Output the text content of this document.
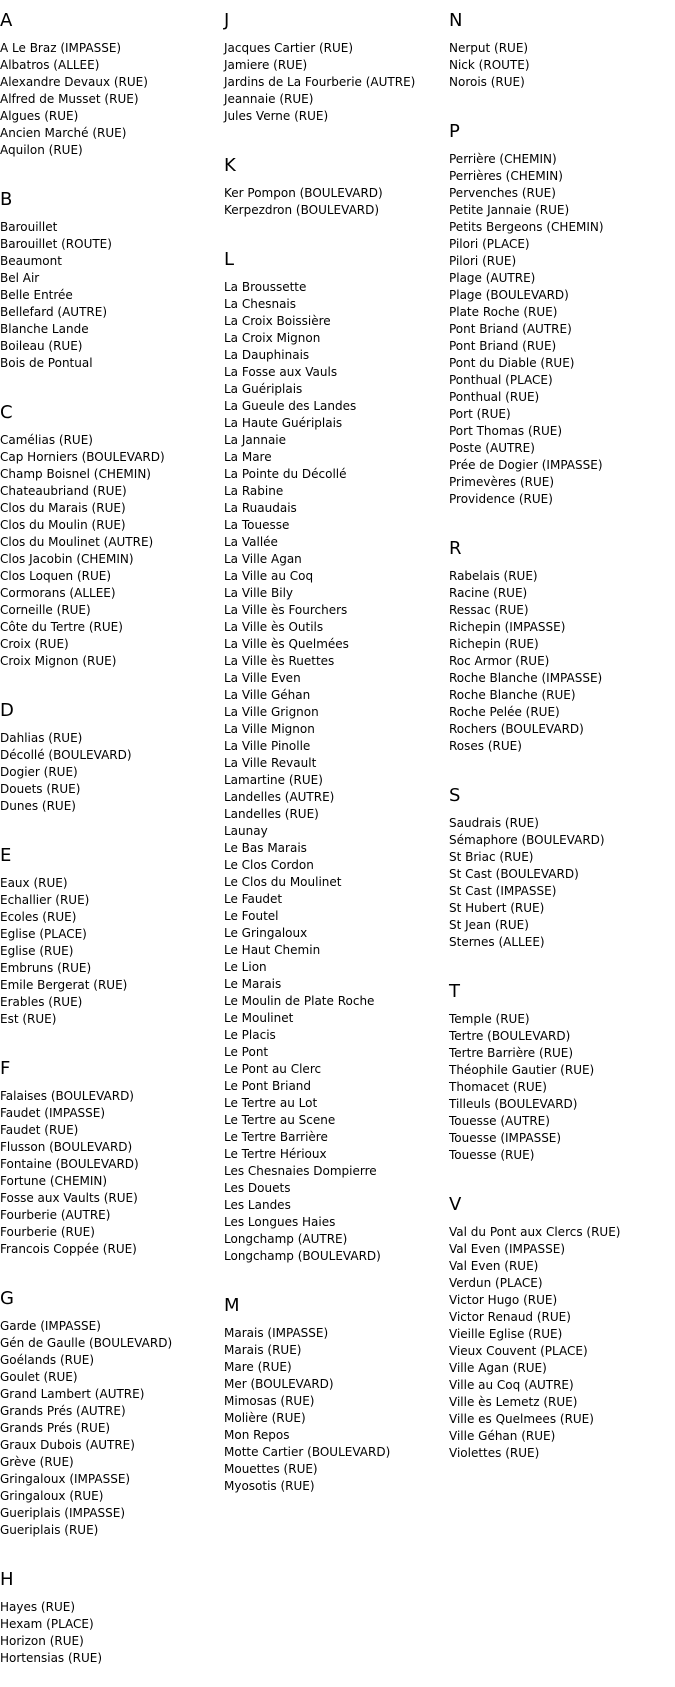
A
A Le Braz (IMPASSE)
Albatros (ALLEE)
Alexandre Devaux (RUE)
Alfred de Musset (RUE)
Algues (RUE)
Ancien Marché (RUE)
Aquilon (RUE)
B
Barouillet
Barouillet (ROUTE)
Beaumont
Bel Air
Belle Entrée
Bellefard (AUTRE)
Blanche Lande
Boileau (RUE)
Bois de Pontual
C
Camélias (RUE)
Cap Horniers (BOULEVARD)
Champ Boisnel (CHEMIN)
Chateaubriand (RUE)
Clos du Marais (RUE)
Clos du Moulin (RUE)
Clos du Moulinet (AUTRE)
Clos Jacobin (CHEMIN)
Clos Loquen (RUE)
Cormorans (ALLEE)
Corneille (RUE)
Côte du Tertre (RUE)
Croix (RUE)
Croix Mignon (RUE)
D
Dahlias (RUE)
Décollé (BOULEVARD)
Dogier (RUE)
Douets (RUE)
Dunes (RUE)
E
Eaux (RUE)
Echallier (RUE)
Ecoles (RUE)
Eglise (PLACE)
Eglise (RUE)
Embruns (RUE)
Emile Bergerat (RUE)
Erables (RUE)
Est (RUE)
F
Falaises (BOULEVARD)
Faudet (IMPASSE)
Faudet (RUE)
Flusson (BOULEVARD)
Fontaine (BOULEVARD)
Fortune (CHEMIN)
Fosse aux Vaults (RUE)
Fourberie (AUTRE)
Fourberie (RUE)
Francois Coppée (RUE)
G
Garde (IMPASSE)
Gén de Gaulle (BOULEVARD)
Goélands (RUE)
Goulet (RUE)
Grand Lambert (AUTRE)
Grands Prés (AUTRE)
Grands Prés (RUE)
Graux Dubois (AUTRE)
Grève (RUE)
Gringaloux (IMPASSE)
Gringaloux (RUE)
Gueriplais (IMPASSE)
Gueriplais (RUE)
H
Hayes (RUE)
Hexam (PLACE)
Horizon (RUE)
Hortensias (RUE)
J
Jacques Cartier (RUE)
Jamiere (RUE)
Jardins de La Fourberie (AUTRE)
Jeannaie (RUE)
Jules Verne (RUE)
K
Ker Pompon (BOULEVARD)
Kerpezdron (BOULEVARD)
L
La Broussette
La Chesnais
La Croix Boissière
La Croix Mignon
La Dauphinais
La Fosse aux Vauls
La Guériplais
La Gueule des Landes
La Haute Guériplais
La Jannaie
La Mare
La Pointe du Décollé
La Rabine
La Ruaudais
La Touesse
La Vallée
La Ville Agan
La Ville au Coq
La Ville Bily
La Ville ès Fourchers
La Ville ès Outils
La Ville ès Quelmées
La Ville ès Ruettes
La Ville Even
La Ville Géhan
La Ville Grignon
La Ville Mignon
La Ville Pinolle
La Ville Revault
Lamartine (RUE)
Landelles (AUTRE)
Landelles (RUE)
Launay
Le Bas Marais
Le Clos Cordon
Le Clos du Moulinet
Le Faudet
Le Foutel
Le Gringaloux
Le Haut Chemin
Le Lion
Le Marais
Le Moulin de Plate Roche
Le Moulinet
Le Placis
Le Pont
Le Pont au Clerc
Le Pont Briand
Le Tertre au Lot
Le Tertre au Scene
Le Tertre Barrière
Le Tertre Hérioux
Les Chesnaies Dompierre
Les Douets
Les Landes
Les Longues Haies
Longchamp (AUTRE)
Longchamp (BOULEVARD)
M
Marais (IMPASSE)
Marais (RUE)
Mare (RUE)
Mer (BOULEVARD)
Mimosas (RUE)
Molière (RUE)
Mon Repos
Motte Cartier (BOULEVARD)
Mouettes (RUE)
Myosotis (RUE)
N
Nerput (RUE)
Nick (ROUTE)
Norois (RUE)
P
Perrière (CHEMIN)
Perrières (CHEMIN)
Pervenches (RUE)
Petite Jannaie (RUE)
Petits Bergeons (CHEMIN)
Pilori (PLACE)
Pilori (RUE)
Plage (AUTRE)
Plage (BOULEVARD)
Plate Roche (RUE)
Pont Briand (AUTRE)
Pont Briand (RUE)
Pont du Diable (RUE)
Ponthual (PLACE)
Ponthual (RUE)
Port (RUE)
Port Thomas (RUE)
Poste (AUTRE)
Prée de Dogier (IMPASSE)
Primevères (RUE)
Providence (RUE)
R
Rabelais (RUE)
Racine (RUE)
Ressac (RUE)
Richepin (IMPASSE)
Richepin (RUE)
Roc Armor (RUE)
Roche Blanche (IMPASSE)
Roche Blanche (RUE)
Roche Pelée (RUE)
Rochers (BOULEVARD)
Roses (RUE)
S
Saudrais (RUE)
Sémaphore (BOULEVARD)
St Briac (RUE)
St Cast (BOULEVARD)
St Cast (IMPASSE)
St Hubert (RUE)
St Jean (RUE)
Sternes (ALLEE)
T
Temple (RUE)
Tertre (BOULEVARD)
Tertre Barrière (RUE)
Théophile Gautier (RUE)
Thomacet (RUE)
Tilleuls (BOULEVARD)
Touesse (AUTRE)
Touesse (IMPASSE)
Touesse (RUE)
V
Val du Pont aux Clercs (RUE)
Val Even (IMPASSE)
Val Even (RUE)
Verdun (PLACE)
Victor Hugo (RUE)
Victor Renaud (RUE)
Vieille Eglise (RUE)
Vieux Couvent (PLACE)
Ville Agan (RUE)
Ville au Coq (AUTRE)
Ville ès Lemetz (RUE)
Ville es Quelmees (RUE)
Ville Géhan (RUE)
Violettes (RUE)
